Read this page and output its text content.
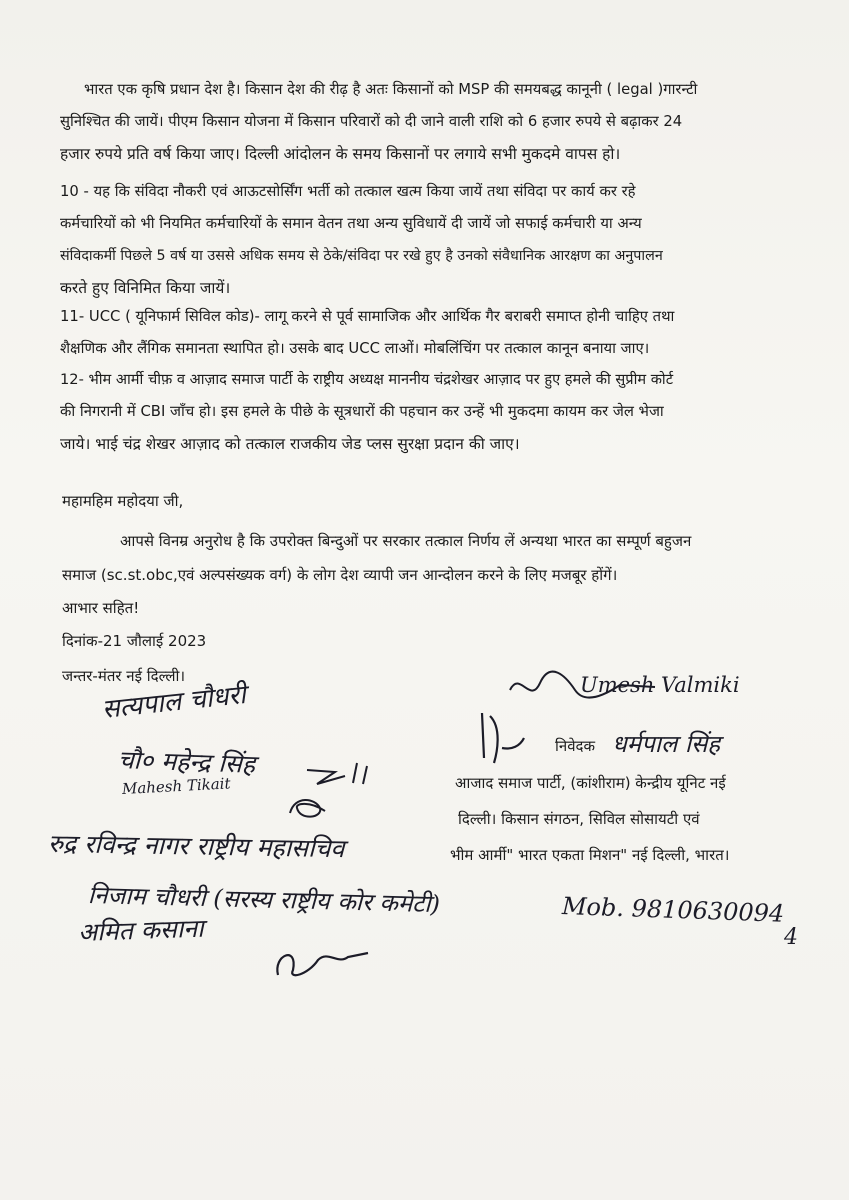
भारत एक कृषि प्रधान देश है। किसान देश की रीढ़ है अतः किसानों को MSP की समयबद्ध कानूनी ( legal )गारन्टी
सुनिश्चित की जायें। पीएम किसान योजना में किसान परिवारों को दी जाने वाली राशि को 6 हजार रुपये से बढ़ाकर 24
हजार रुपये प्रति वर्ष किया जाए। दिल्ली आंदोलन के समय किसानों पर लगाये सभी मुकदमे वापस हो।
10 - यह कि संविदा नौकरी एवं आऊटसोर्सिंग भर्ती को तत्काल खत्म किया जायें तथा संविदा पर कार्य कर रहे
कर्मचारियों को भी नियमित कर्मचारियों के समान वेतन तथा अन्य सुविधायें दी जायें जो सफाई कर्मचारी या अन्य
संविदाकर्मी पिछले 5 वर्ष या उससे अधिक समय से ठेके/संविदा पर रखे हुए है उनको संवैधानिक आरक्षण का अनुपालन
करते हुए विनिमित किया जायें।
11- UCC ( यूनिफार्म सिविल कोड)- लागू करने से पूर्व सामाजिक और आर्थिक गैर बराबरी समाप्त होनी चाहिए तथा
शैक्षणिक और लैंगिक समानता स्थापित हो। उसके बाद UCC लाओं। मोबलिंचिंग पर तत्काल कानून बनाया जाए।
12- भीम आर्मी चीफ़ व आज़ाद समाज पार्टी के राष्ट्रीय अध्यक्ष माननीय चंद्रशेखर आज़ाद पर हुए हमले की सुप्रीम कोर्ट
की निगरानी में CBI जाँच हो। इस हमले के पीछे के सूत्रधारों की पहचान कर उन्हें भी मुकदमा कायम कर जेल भेजा
जाये। भाई चंद्र शेखर आज़ाद को तत्काल राजकीय जेड प्लस सुरक्षा प्रदान की जाए।
महामहिम महोदया जी,
आपसे विनम्र अनुरोध है कि उपरोक्त बिन्दुओं पर सरकार तत्काल निर्णय लें अन्यथा भारत का सम्पूर्ण बहुजन
समाज (sc.st.obc,एवं अल्पसंख्यक वर्ग) के लोग देश व्यापी जन आन्दोलन करने के लिए मजबूर होंगें।
आभार सहित!
दिनांक-21 जौलाई 2023
जन्तर-मंतर नई दिल्ली।
निवेदक
आजाद समाज पार्टी, (कांशीराम) केन्द्रीय यूनिट नई
दिल्ली। किसान संगठन, सिविल सोसायटी एवं
भीम आर्मी" भारत एकता मिशन" नई दिल्ली, भारत।
Umesh Valmiki
धर्मपाल सिंह
सत्यपाल चौधरी
चौ० महेन्द्र सिंह
Mahesh Tikait
रुद्र रविन्द्र नागर राष्ट्रीय महासचिव
निजाम चौधरी (सरस्य राष्ट्रीय कोर कमेटी)	Mob. 9810630094
4
अमित कसाना
